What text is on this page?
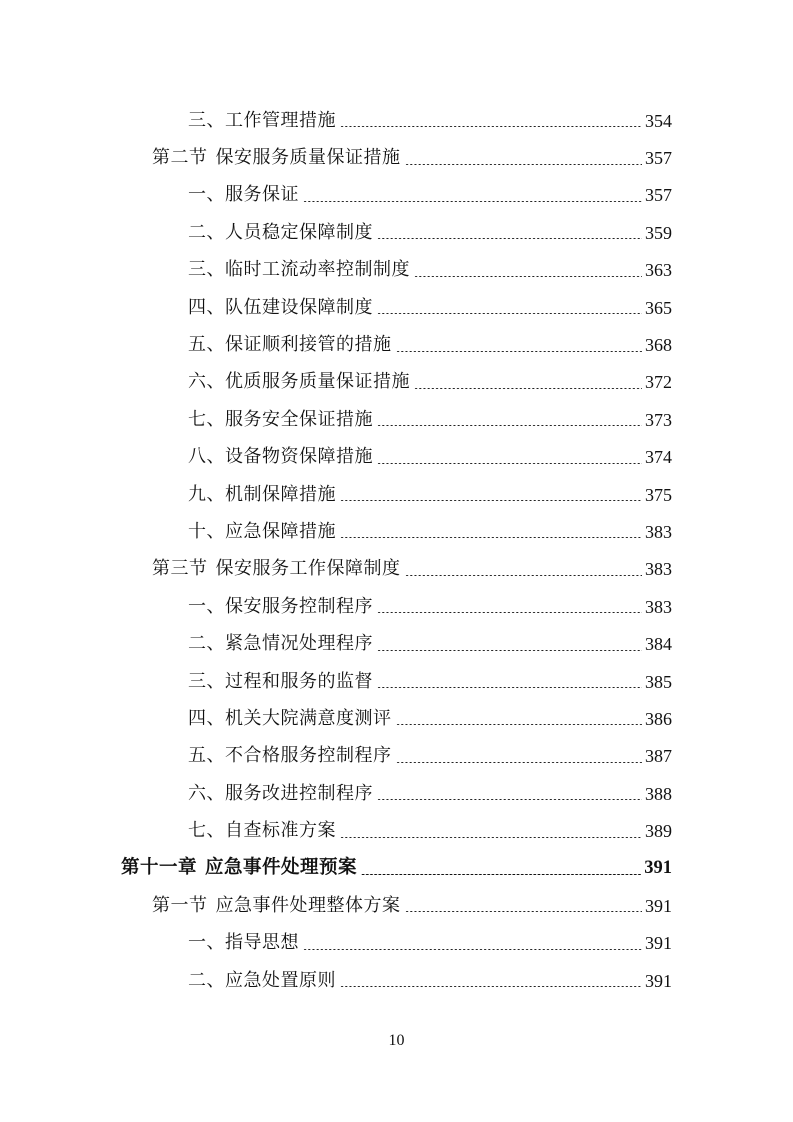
三、工作管理措施	354
第二节 保安服务质量保证措施	357
一、服务保证	357
二、人员稳定保障制度	359
三、临时工流动率控制制度	363
四、队伍建设保障制度	365
五、保证顺利接管的措施	368
六、优质服务质量保证措施	372
七、服务安全保证措施	373
八、设备物资保障措施	374
九、机制保障措施	375
十、应急保障措施	383
第三节 保安服务工作保障制度	383
一、保安服务控制程序	383
二、紧急情况处理程序	384
三、过程和服务的监督	385
四、机关大院满意度测评	386
五、不合格服务控制程序	387
六、服务改进控制程序	388
七、自查标准方案	389
第十一章 应急事件处理预案	391
第一节 应急事件处理整体方案	391
一、指导思想	391
二、应急处置原则	391
10
